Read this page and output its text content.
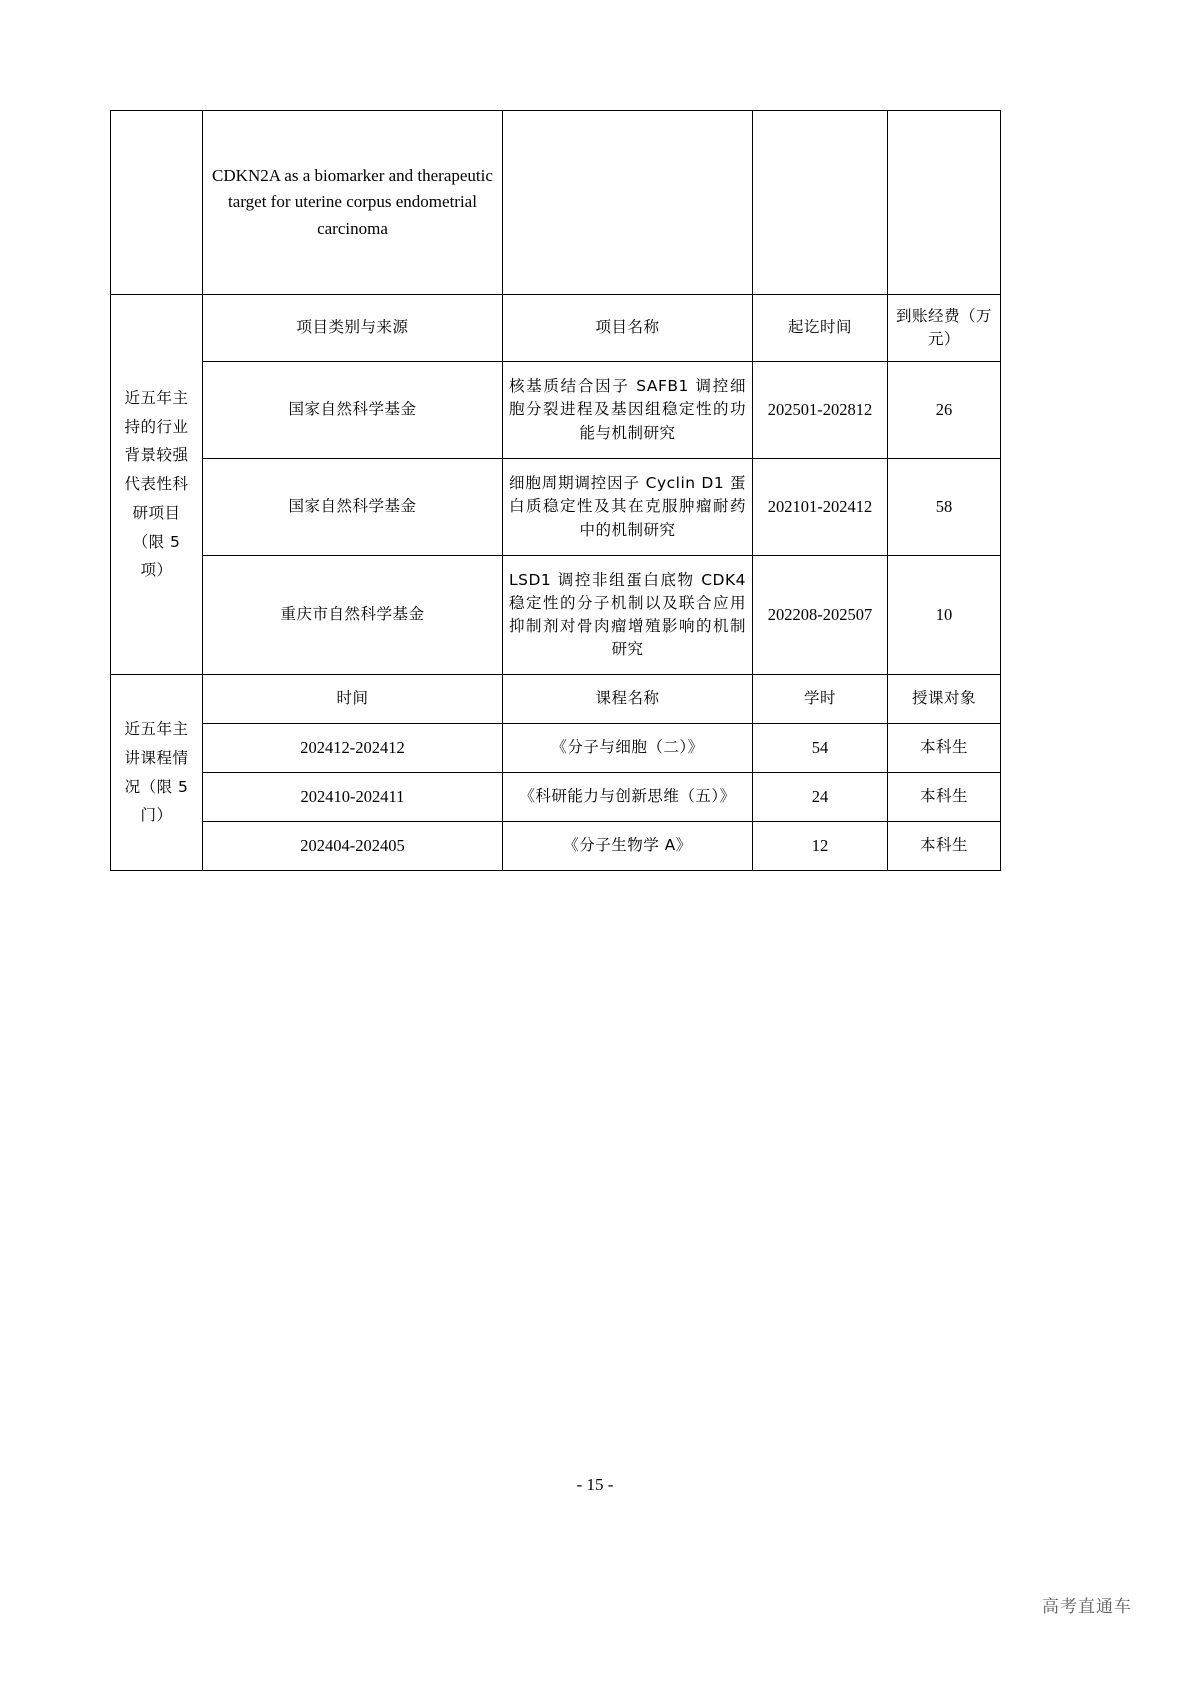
	CDKN2A as a biomarker and therapeutic target for uterine corpus endometrial carcinoma			
近五年主持的行业背景较强代表性科研项目（限 5 项）	项目类别与来源	项目名称	起讫时间	到账经费（万元）
	国家自然科学基金	核基质结合因子 SAFB1 调控细胞分裂进程及基因组稳定性的功能与机制研究	202501-202812	26
	国家自然科学基金	细胞周期调控因子 Cyclin D1 蛋白质稳定性及其在克服肿瘤耐药中的机制研究	202101-202412	58
	重庆市自然科学基金	LSD1 调控非组蛋白底物 CDK4 稳定性的分子机制以及联合应用抑制剂对骨肉瘤增殖影响的机制研究	202208-202507	10
近五年主讲课程情况（限 5 门）	时间	课程名称	学时	授课对象
	202412-202412	《分子与细胞（二）》	54	本科生
	202410-202411	《科研能力与创新思维（五）》	24	本科生
	202404-202405	《分子生物学 A》	12	本科生
- 15 -
高考直通车
